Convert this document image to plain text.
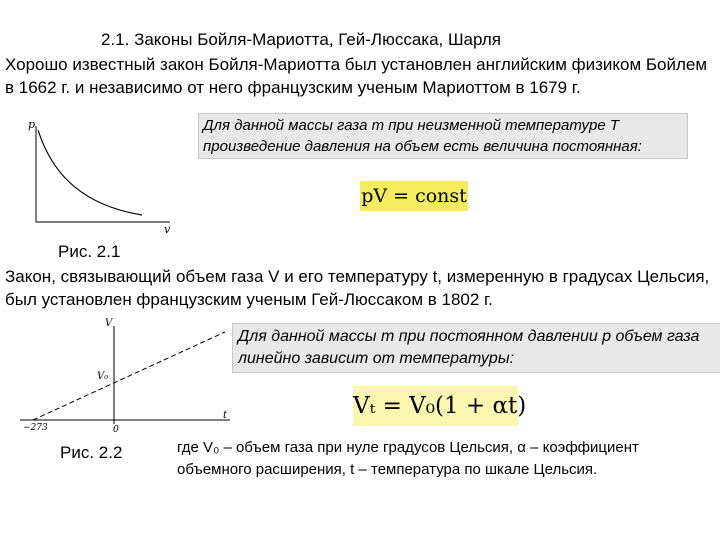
2.1. Законы Бойля-Мариотта, Гей-Люссака, Шарля
Хорошо известный закон Бойля-Мариотта был установлен английским физиком Бойлем в 1662 г. и независимо от него французским ученым Мариоттом в 1679 г.
p
v
Для данной массы газа m при неизменной температуре T произведение давления на объем есть величина постоянная:
pV = const
Рис. 2.1
Закон, связывающий объем газа V и его температуру t, измеренную в градусах Цельсия, был установлен французским ученым Гей-Люссаком в 1802 г.
V
V₀
−273	0
t
Для данной массы m при постоянном давлении p объем газа линейно зависит от температуры:
Vₜ = V₀(1 + αt)
Рис. 2.2	где V₀ – объем газа при нуле градусов Цельсия, α – коэффициент объемного расширения, t – температура по шкале Цельсия.
